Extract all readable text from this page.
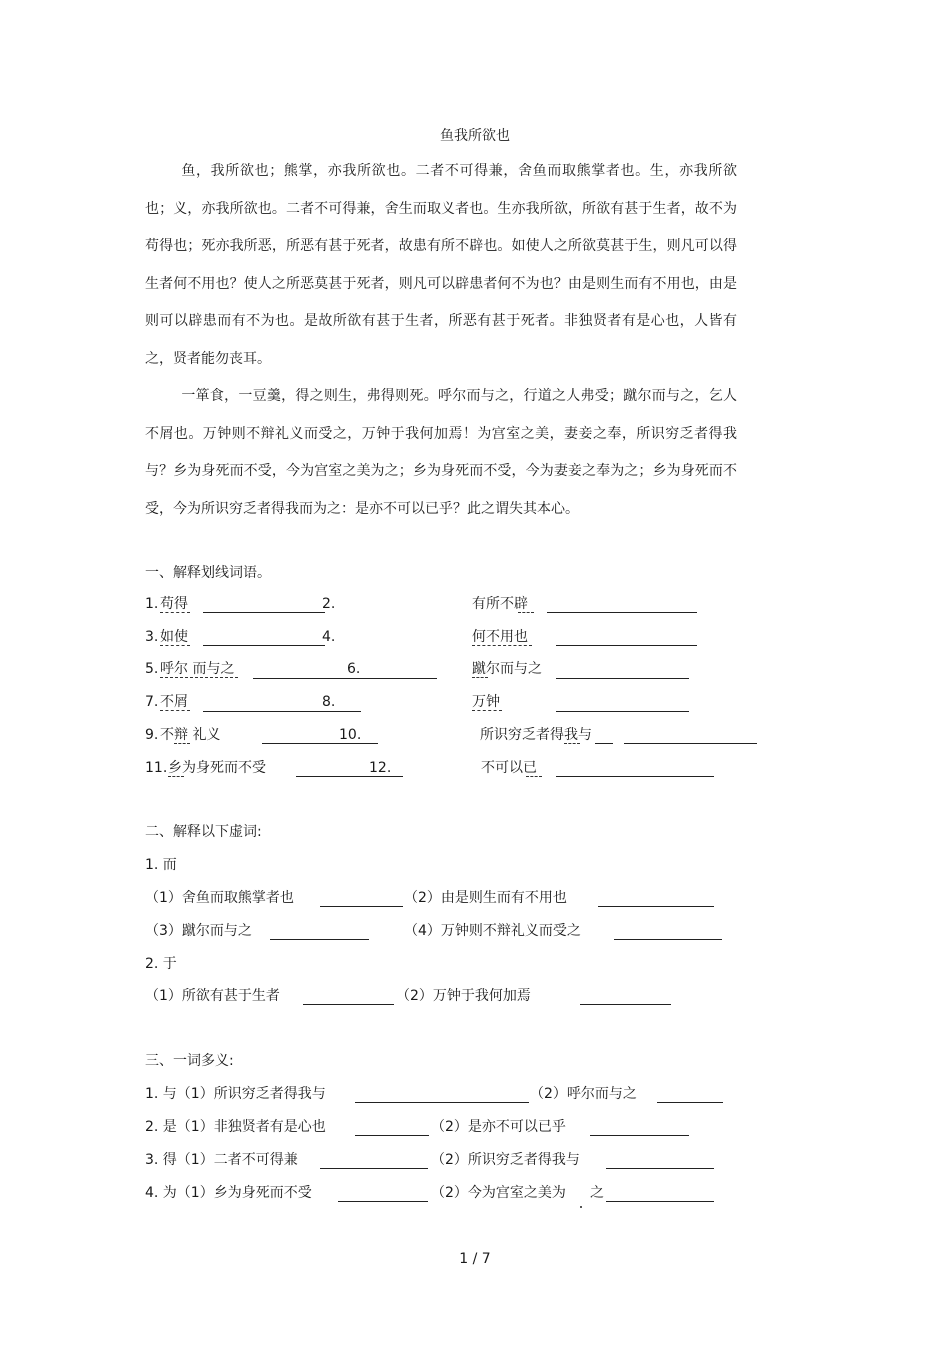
鱼我所欲也

鱼，我所欲也；熊掌，亦我所欲也。二者不可得兼，舍鱼而取熊掌者也。生，亦我所欲也；义，亦我所欲也。二者不可得兼，舍生而取义者也。生亦我所欲，所欲有甚于生者，故不为苟得也；死亦我所恶，所恶有甚于死者，故患有所不辟也。如使人之所欲莫甚于生，则凡可以得生者何不用也？使人之所恶莫甚于死者，则凡可以辟患者何不为也？由是则生而有不用也，由是则可以辟患而有不为也。是故所欲有甚于生者，所恶有甚于死者。非独贤者有是心也，人皆有之，贤者能勿丧耳。

一箪食，一豆羹，得之则生，弗得则死。呼尔而与之，行道之人弗受；蹴尔而与之，乞人不屑也。万钟则不辩礼义而受之，万钟于我何加焉！为宫室之美，妻妾之奉，所识穷乏者得我与？乡为身死而不受，今为宫室之美为之；乡为身死而不受，今为妻妾之奉为之；乡为身死而不受，今为所识穷乏者得我而为之：是亦不可以已乎？此之谓失其本心。

一、解释划线词语。
1. 苟得	2.	有所不辟
3. 如使	4.	何不用也
5. 呼尔 而与之	6.	蹴尔而与之
7. 不屑	8.	万钟
9. 不辩 礼义	10.	所识穷乏者得我与
11. 乡为身死而不受	12.	不可以已
二、解释以下虚词:
1. 而
（1）舍鱼而取熊掌者也	（2）由是则生而有不用也
（3）蹴尔而与之	（4）万钟则不辩礼义而受之
2. 于
（1）所欲有甚于生者	（2）万钟于我何加焉
三、一词多义:
1. 与（1）所识穷乏者得我与	（2）呼尔而与之
2. 是（1）非独贤者有是心也	（2）是亦不可以已乎
3. 得（1）二者不可得兼	（2）所识穷乏者得我与
4. 为（1）乡为身死而不受	（2）今为宫室之美为 之
1 / 7
